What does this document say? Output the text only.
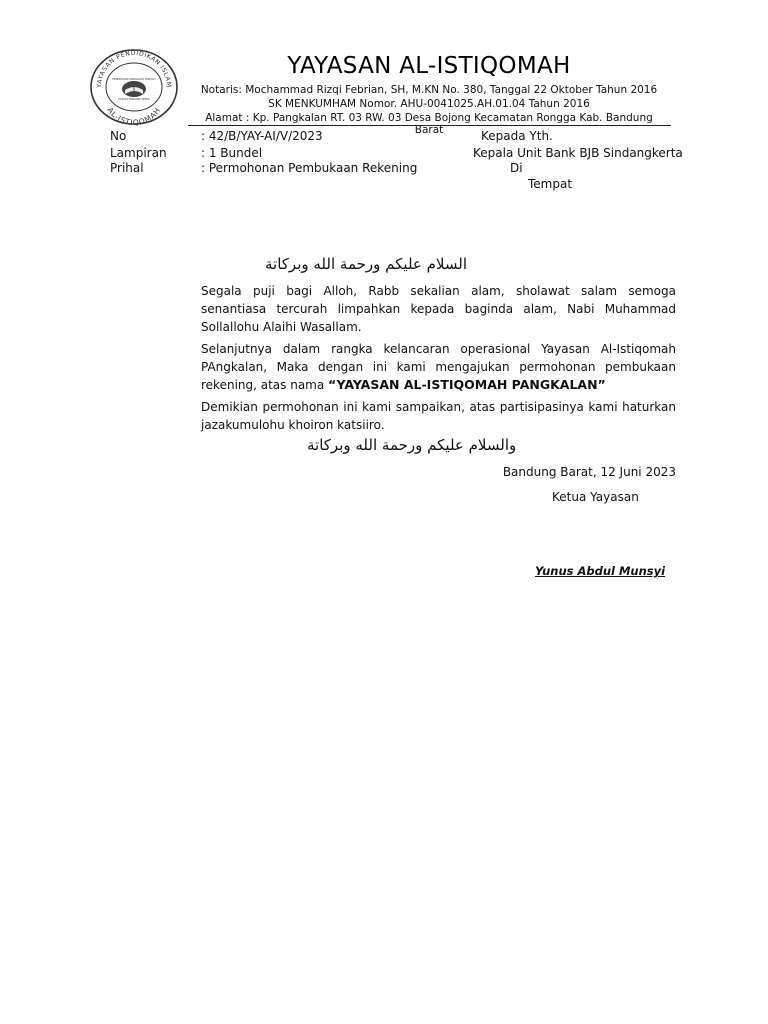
YAYASAN PENDIDIKAN ISLAM
AL-ISTIQOMAH
PENDIDIKAN MADRASAH DINIYAH
RAKYAT SINDANG KERTA
YAYASAN AL-ISTIQOMAH
Notaris: Mochammad Rizqi Febrian, SH, M.KN No. 380, Tanggal 22 Oktober Tahun 2016
SK MENKUMHAM Nomor. AHU-0041025.AH.01.04 Tahun 2016
Alamat : Kp. Pangkalan RT. 03 RW. 03 Desa Bojong Kecamatan Rongga Kab. Bandung Barat
No	: 42/B/YAY-AI/V/2023
Lampiran	: 1 Bundel
Prihal	: Permohonan Pembukaan Rekening
Kepada Yth.
Kepala Unit Bank BJB Sindangkerta
Di
Tempat
السلام عليكم ورحمة الله وبركاتة
Segala puji bagi Alloh, Rabb sekalian alam, sholawat salam semoga senantiasa tercurah limpahkan kepada baginda alam, Nabi Muhammad Sollallohu Alaihi Wasallam.
Selanjutnya dalam rangka kelancaran operasional Yayasan Al-Istiqomah PAngkalan, Maka dengan ini kami mengajukan permohonan pembukaan rekening, atas nama “YAYASAN AL-ISTIQOMAH PANGKALAN”
Demikian permohonan ini kami sampaikan, atas partisipasinya kami haturkan jazakumulohu khoiron katsiiro.
والسلام عليكم ورحمة الله وبركاتة
Bandung Barat, 12 Juni 2023
Ketua Yayasan
Yunus Abdul Munsyi
